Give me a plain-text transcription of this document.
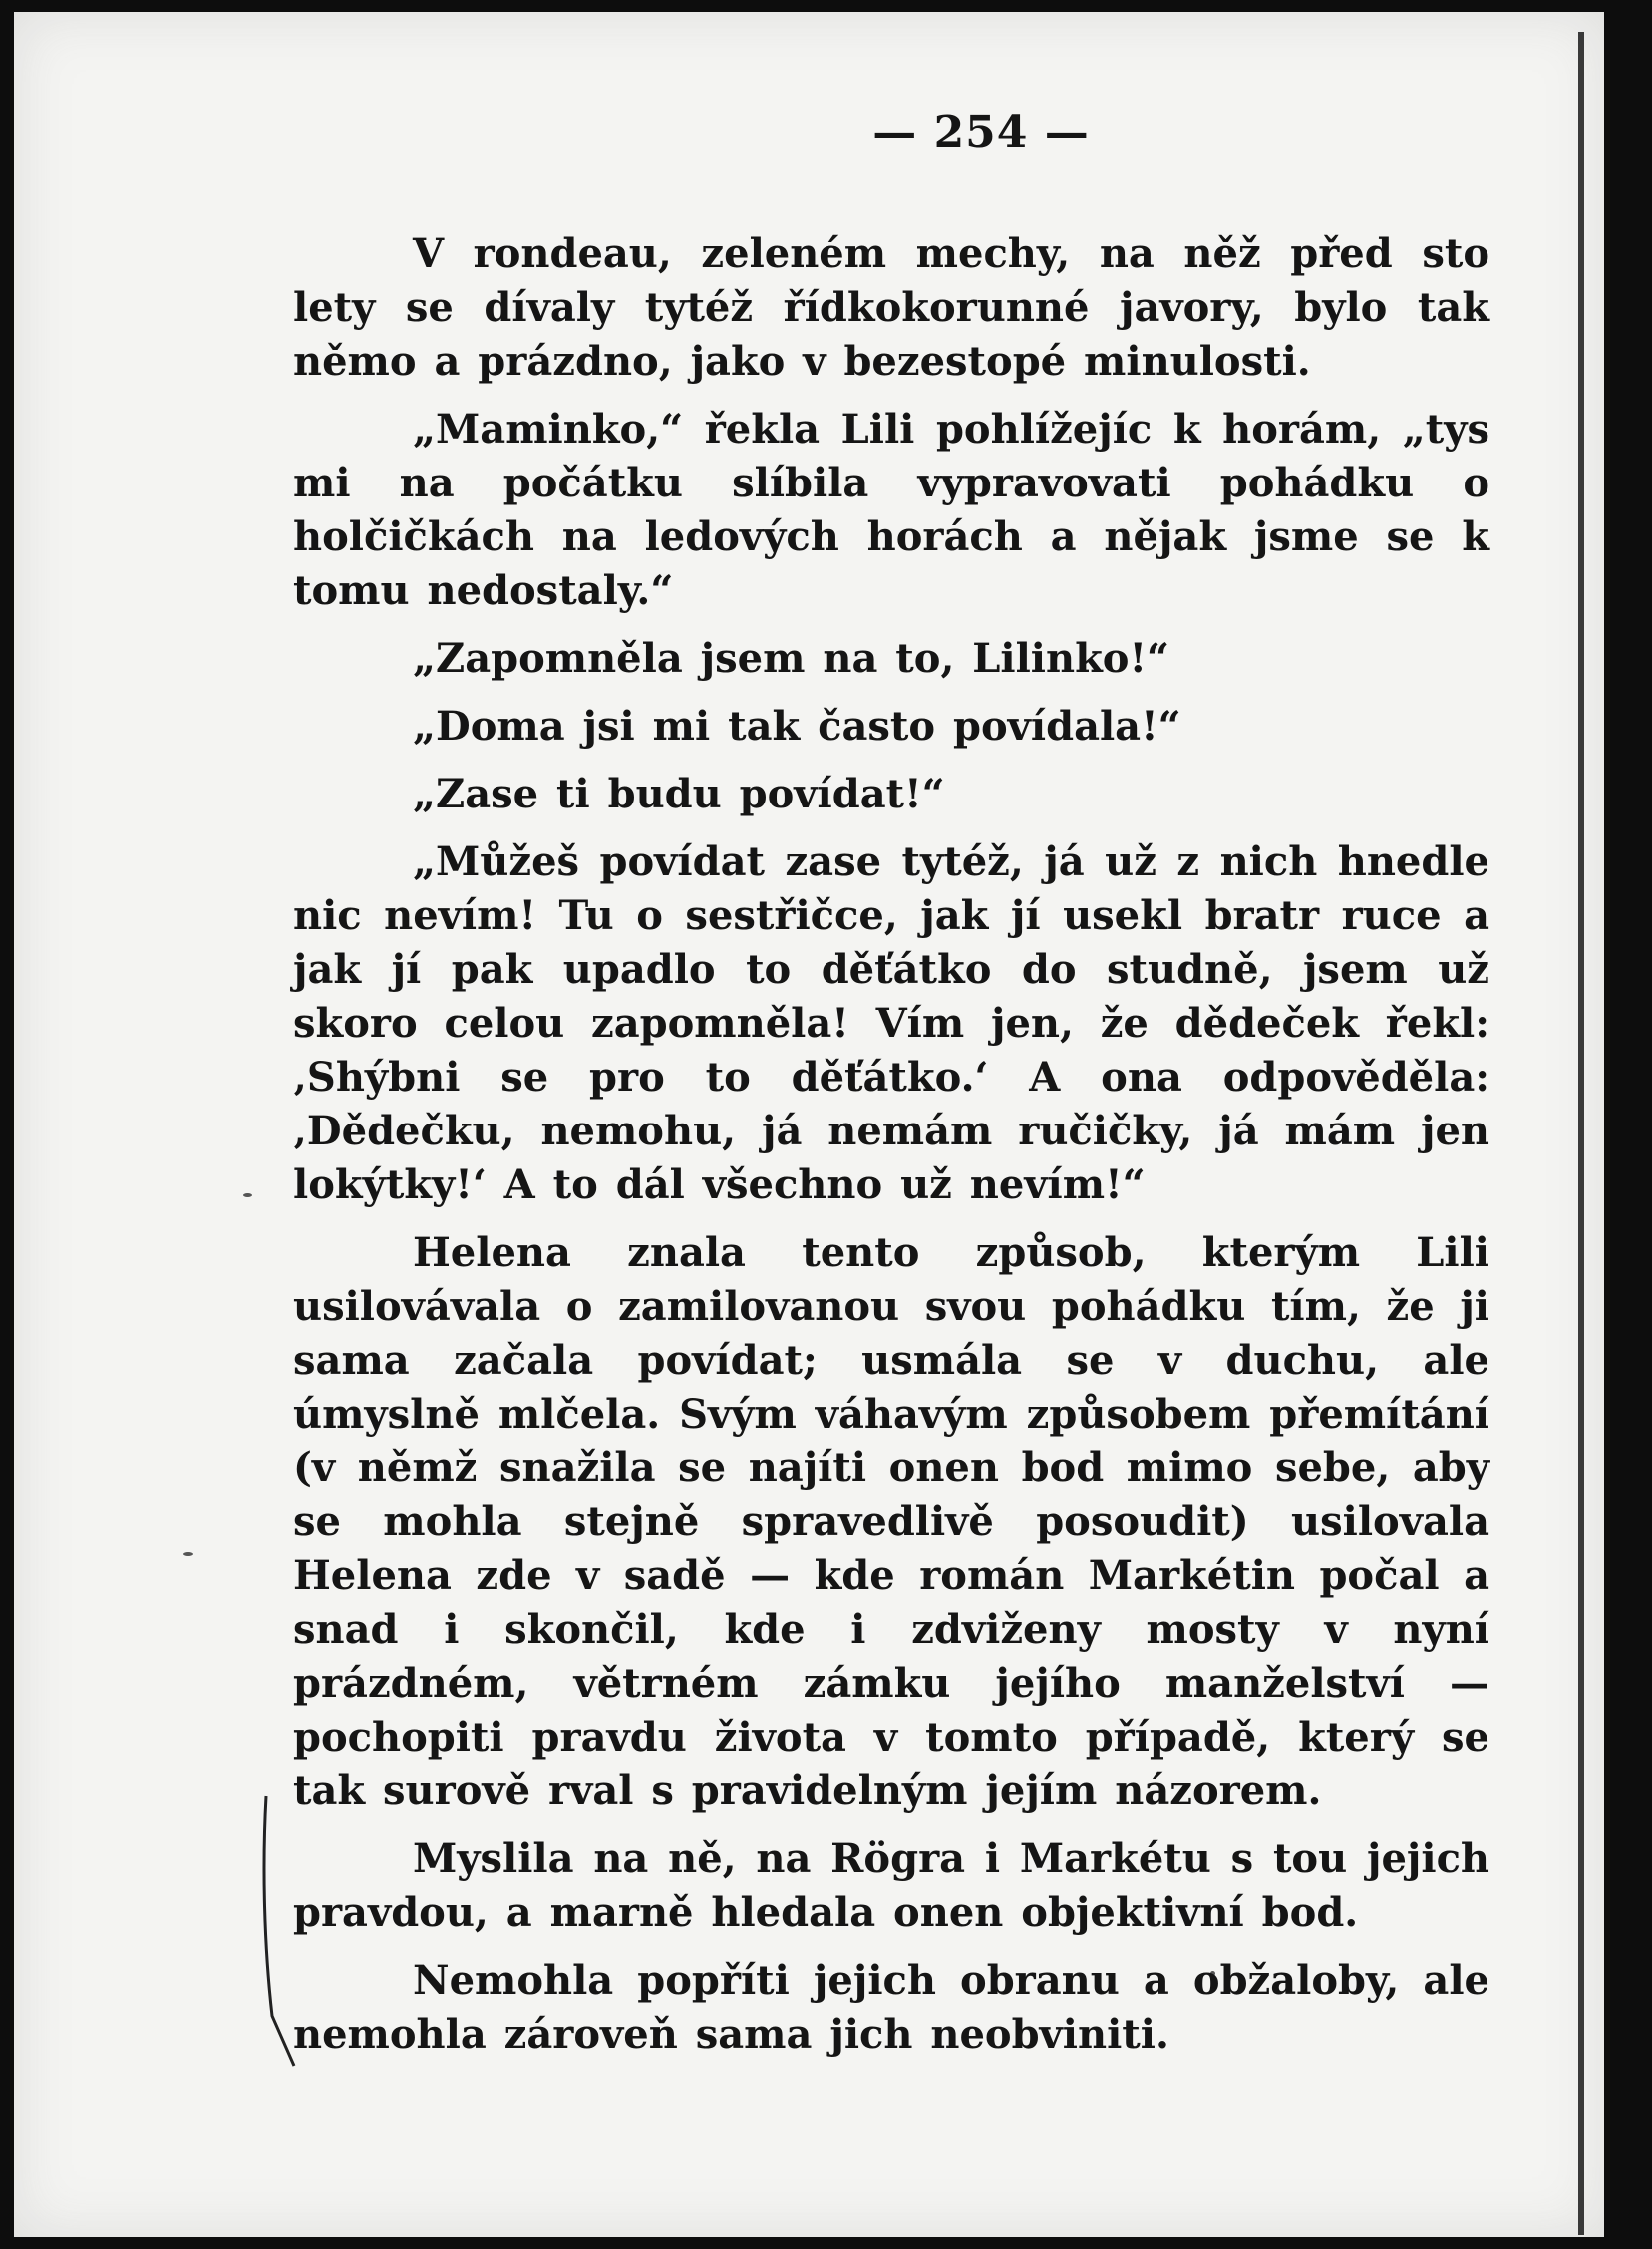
— 254 —

V rondeau, zeleném mechy, na něž před sto lety se dívaly tytéž řídkokorunné javory, bylo tak němo a prázdno, jako v bezestopé minulosti.

„Maminko,“ řekla Lili pohlížejíc k horám, „tys mi na počátku slíbila vypravovati pohádku o holčičkách na ledových horách a nějak jsme se k tomu nedostaly.“

„Zapomněla jsem na to, Lilinko!“

„Doma jsi mi tak často povídala!“

„Zase ti budu povídat!“

„Můžeš povídat zase tytéž, já už z nich hnedle nic nevím! Tu o sestřičce, jak jí usekl bratr ruce a jak jí pak upadlo to děťátko do studně, jsem už skoro celou zapomněla! Vím jen, že dědeček řekl: ‚Shýbni se pro to děťátko.‘ A ona odpověděla: ‚Dědečku, nemohu, já nemám ručičky, já mám jen lokýtky!‘ A to dál všechno už nevím!“

Helena znala tento způsob, kterým Lili usilovávala o zamilovanou svou pohádku tím, že ji sama začala povídat; usmála se v duchu, ale úmyslně mlčela. Svým váhavým způsobem přemítání (v němž snažila se najíti onen bod mimo sebe, aby se mohla stejně spravedlivě posoudit) usilovala Helena zde v sadě — kde román Markétin počal a snad i skončil, kde i zdviženy mosty v nyní prázdném, větrném zámku jejího manželství — pochopiti pravdu života v tomto případě, který se tak surově rval s pravidelným jejím názorem.

Myslila na ně, na Rögra i Markétu s tou jejich pravdou, a marně hledala onen objektivní bod.

Nemohla popříti jejich obranu a obžaloby, ale nemohla zároveň sama jich neobviniti.
